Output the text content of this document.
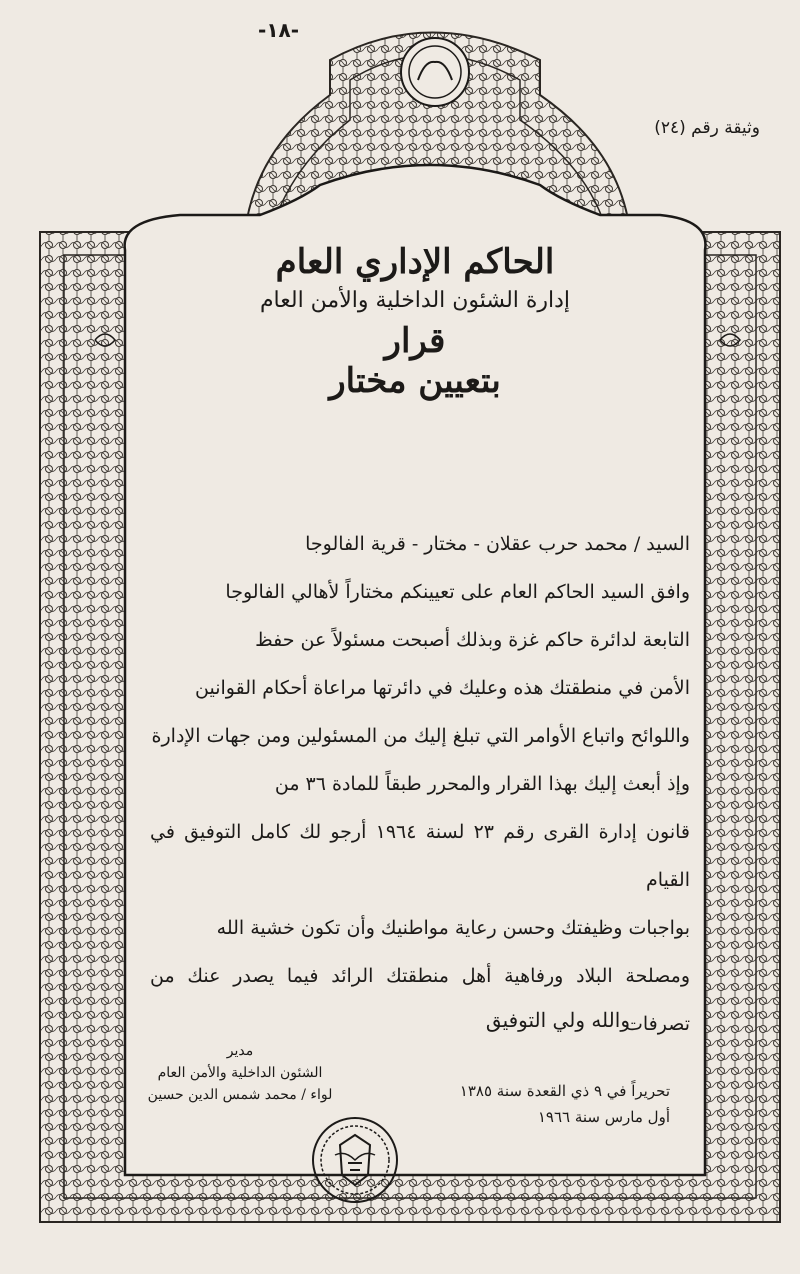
-١٨-
وثيقة رقم (٢٤)
الحاكم الإداري العام
إدارة الشئون الداخلية والأمن العام
قرار
بتعيين مختار

السيد / محمد حرب عقلان - مختار - قرية الفالوجا

وافق السيد الحاكم العام على تعيينكم مختاراً لأهالي الفالوجا

التابعة لدائرة حاكم غزة وبذلك أصبحت مسئولاً عن حفظ

الأمن في منطقتك هذه وعليك في دائرتها مراعاة أحكام القوانين

واللوائح واتباع الأوامر التي تبلغ إليك من المسئولين ومن جهات الإدارة

وإذ أبعث إليك بهذا القرار والمحرر طبقاً للمادة ٣٦ من

قانون إدارة القرى رقم ٢٣ لسنة ١٩٦٤ أرجو لك كامل التوفيق في القيام

بواجبات وظيفتك وحسن رعاية مواطنيك وأن تكون خشية الله

ومصلحة البلاد ورفاهية أهل منطقتك الرائد فيما يصدر عنك من تصرفات

والله ولي التوفيق
مدير
الشئون الداخلية والأمن العام
لواء / محمد شمس الدين حسين	تحريراً في ٩ ذي القعدة سنة ١٣٨٥
أول مارس سنة ١٩٦٦
